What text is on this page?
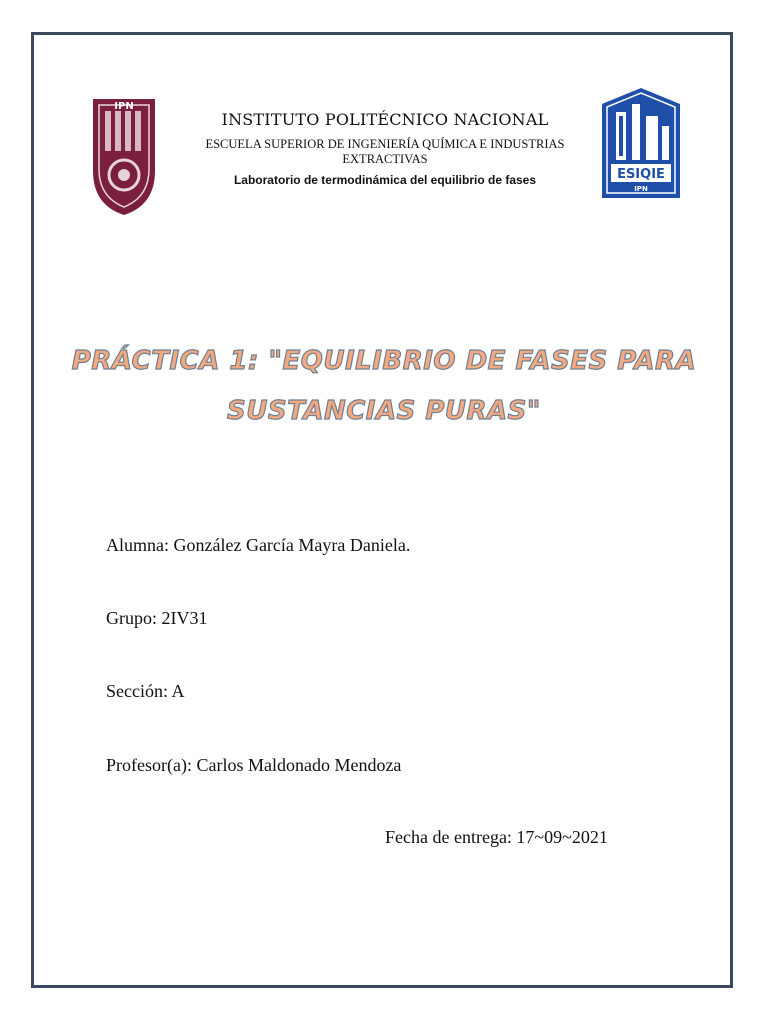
IPN
ESIQIE
IPN

INSTITUTO POLITÉCNICO NACIONAL

ESCUELA SUPERIOR DE INGENIERÍA QUÍMICA E INDUSTRIAS

EXTRACTIVAS

Laboratorio de termodinámica del equilibrio de fases
PRÁCTICA 1: "EQUILIBRIO DE FASES PARA
SUSTANCIAS PURAS"
Alumna: González García Mayra Daniela.
Grupo: 2IV31
Sección: A
Profesor(a): Carlos Maldonado Mendoza
Fecha de entrega: 17~09~2021
